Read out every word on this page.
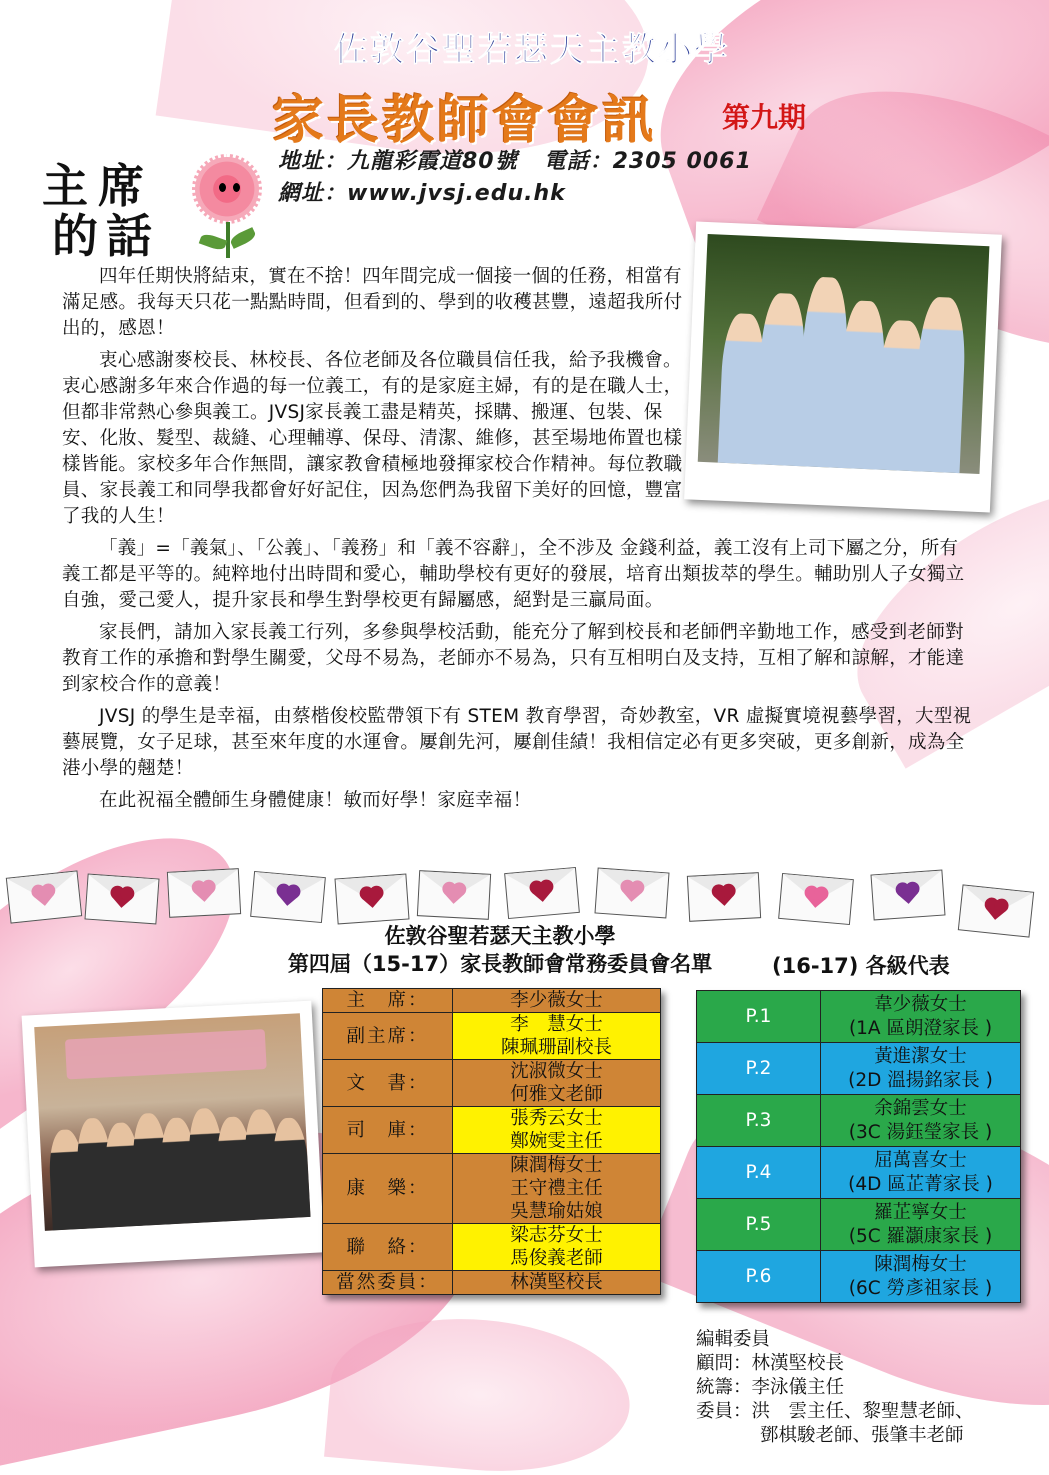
佐敦谷聖若瑟天主教小學
家長教師會會訊	第九期
地址：九龍彩霞道80號 電話：2305 0061
網址：www.jvsj.edu.hk
主席
的話

四年任期快將結束，實在不捨！四年間完成一個接一個的任務，相當有滿足感。我每天只花一點點時間，但看到的、學到的收穫甚豐，遠超我所付出的，感恩！

衷心感謝麥校長、林校長、各位老師及各位職員信任我，給予我機會。衷心感謝多年來合作過的每一位義工，有的是家庭主婦，有的是在職人士，但都非常熱心參與義工。JVSJ家長義工盡是精英，採購、搬運、包裝、保安、化妝、髮型、裁縫、心理輔導、保母、清潔、維修，甚至場地佈置也樣樣皆能。家校多年合作無間，讓家教會積極地發揮家校合作精神。每位教職員、家長義工和同學我都會好好記住，因為您們為我留下美好的回憶，豐富了我的人生！

「義」=「義氣」、「公義」、「義務」和「義不容辭」，全不涉及 金錢利益，義工沒有上司下屬之分，所有義工都是平等的。純粹地付出時間和愛心，輔助學校有更好的發展，培育出類拔萃的學生。輔助別人子女獨立自強，愛己愛人，提升家長和學生對學校更有歸屬感，絕對是三贏局面。

家長們，請加入家長義工行列，多參與學校活動，能充分了解到校長和老師們辛勤地工作，感受到老師對教育工作的承擔和對學生關愛，父母不易為，老師亦不易為，只有互相明白及支持，互相了解和諒解，才能達到家校合作的意義！

JVSJ 的學生是幸福，由蔡楷俊校監帶領下有 STEM 教育學習，奇妙教室，VR 虛擬實境視藝學習，大型視藝展覽，女子足球，甚至來年度的水運會。屢創先河，屢創佳績！我相信定必有更多突破，更多創新，成為全港小學的翹楚！

在此祝福全體師生身體健康！敏而好學！家庭幸福！

佐敦谷聖若瑟天主教小學
第四屆（15-17）家長教師會常務委員會名單	(16-17) 各級代表
主　席：	李少薇女士

副主席：	李　慧女士
陳珮珊副校長

文　書：	沈淑微女士
何雅文老師

司　庫：	張秀云女士
鄭婉雯主任

康　樂：	陳潤梅女士
王守禮主任
吳慧瑜姑娘

聯　絡：	梁志芬女士
馬俊義老師

當然委員：	林漢堅校長
P.1	韋少薇女士
(1A 區朗澄家長 )

P.2	黃進潔女士
(2D 溫揚銘家長 )

P.3	余錦雲女士
(3C 湯鈺瑩家長 )

P.4	屈萬喜女士
(4D 區芷菁家長 )

P.5	羅芷寧女士
(5C 羅灝康家長 )

P.6	陳潤梅女士
(6C 勞彥祖家長 )
編輯委員
顧問：林漢堅校長
統籌：李泳儀主任
委員：洪　雲主任、黎聖慧老師、
鄧棋駿老師、張肇丰老師
